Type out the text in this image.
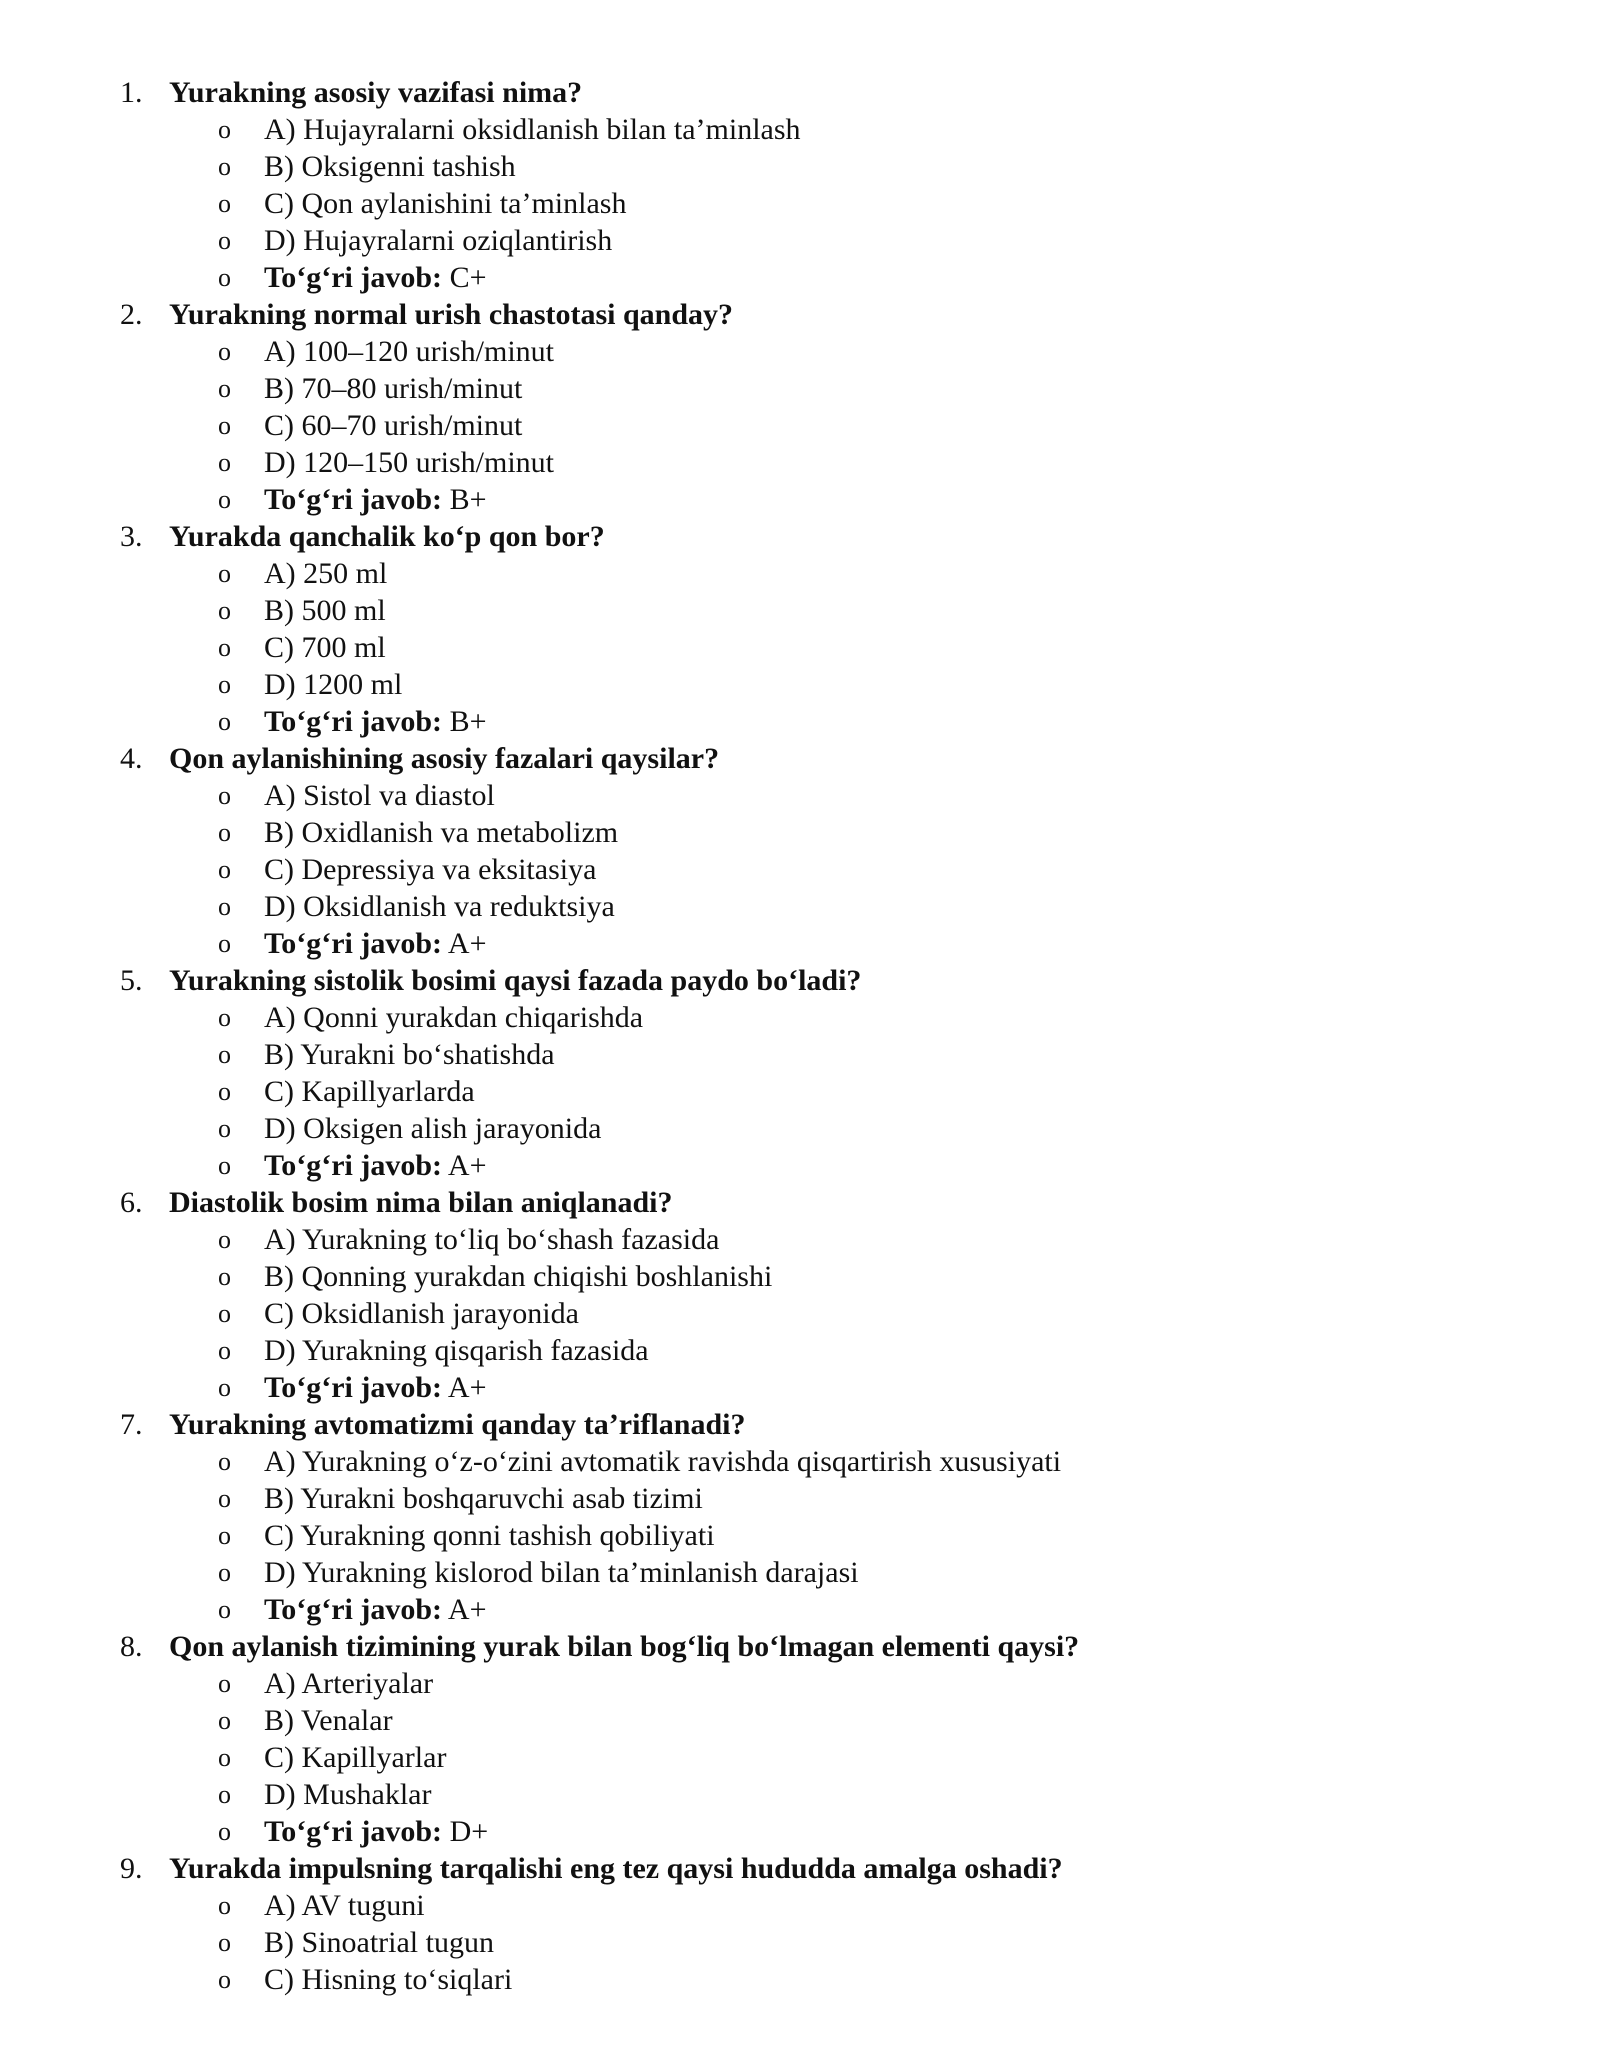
1. Yurakning asosiy vazifasi nima?
o A) Hujayralarni oksidlanish bilan ta’minlash
o B) Oksigenni tashish
o C) Qon aylanishini ta’minlash
o D) Hujayralarni oziqlantirish
o To‘g‘ri javob: C+
2. Yurakning normal urish chastotasi qanday?
o A) 100–120 urish/minut
o B) 70–80 urish/minut
o C) 60–70 urish/minut
o D) 120–150 urish/minut
o To‘g‘ri javob: B+
3. Yurakda qanchalik ko‘p qon bor?
o A) 250 ml
o B) 500 ml
o C) 700 ml
o D) 1200 ml
o To‘g‘ri javob: B+
4. Qon aylanishining asosiy fazalari qaysilar?
o A) Sistol va diastol
o B) Oxidlanish va metabolizm
o C) Depressiya va eksitasiya
o D) Oksidlanish va reduktsiya
o To‘g‘ri javob: A+
5. Yurakning sistolik bosimi qaysi fazada paydo bo‘ladi?
o A) Qonni yurakdan chiqarishda
o B) Yurakni bo‘shatishda
o C) Kapillyarlarda
o D) Oksigen alish jarayonida
o To‘g‘ri javob: A+
6. Diastolik bosim nima bilan aniqlanadi?
o A) Yurakning to‘liq bo‘shash fazasida
o B) Qonning yurakdan chiqishi boshlanishi
o C) Oksidlanish jarayonida
o D) Yurakning qisqarish fazasida
o To‘g‘ri javob: A+
7. Yurakning avtomatizmi qanday ta’riflanadi?
o A) Yurakning o‘z-o‘zini avtomatik ravishda qisqartirish xususiyati
o B) Yurakni boshqaruvchi asab tizimi
o C) Yurakning qonni tashish qobiliyati
o D) Yurakning kislorod bilan ta’minlanish darajasi
o To‘g‘ri javob: A+
8. Qon aylanish tizimining yurak bilan bog‘liq bo‘lmagan elementi qaysi?
o A) Arteriyalar
o B) Venalar
o C) Kapillyarlar
o D) Mushaklar
o To‘g‘ri javob: D+
9. Yurakda impulsning tarqalishi eng tez qaysi hududda amalga oshadi?
o A) AV tuguni
o B) Sinoatrial tugun
o C) Hisning to‘siqlari
